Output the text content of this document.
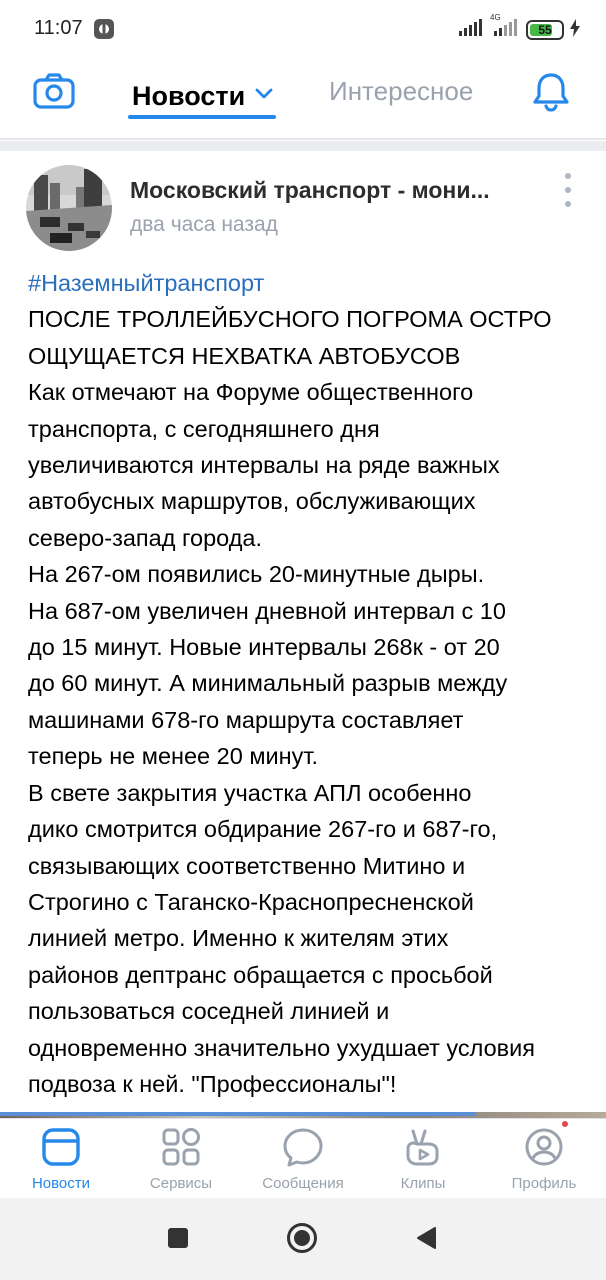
11:07	4G
55
Новости	Интересное
Московский транспорт - мони...
два часа назад
#Наземныйтранспорт
ПОСЛЕ ТРОЛЛЕЙБУСНОГО ПОГРОМА ОСТРО
ОЩУЩАЕТСЯ НЕХВАТКА АВТОБУСОВ
Как отмечают на Форуме общественного
транспорта, с сегодняшнего дня
увеличиваются интервалы на ряде важных
автобусных маршрутов, обслуживающих
северо-запад города.
На 267-ом появились 20-минутные дыры.
На 687-ом увеличен дневной интервал с 10
до 15 минут. Новые интервалы 268к - от 20
до 60 минут. А минимальный разрыв между
машинами 678-го маршрута составляет
теперь не менее 20 минут.
В свете закрытия участка АПЛ особенно
дико смотрится обдирание 267-го и 687-го,
связывающих соответственно Митино и
Строгино с Таганско-Краснопресненской
линией метро. Именно к жителям этих
районов дептранс обращается с просьбой
пользоваться соседней линией и
одновременно значительно ухудшает условия
подвоза к ней. "Профессионалы"!
Новости	Сервисы	Сообщения	Клипы	Профиль
